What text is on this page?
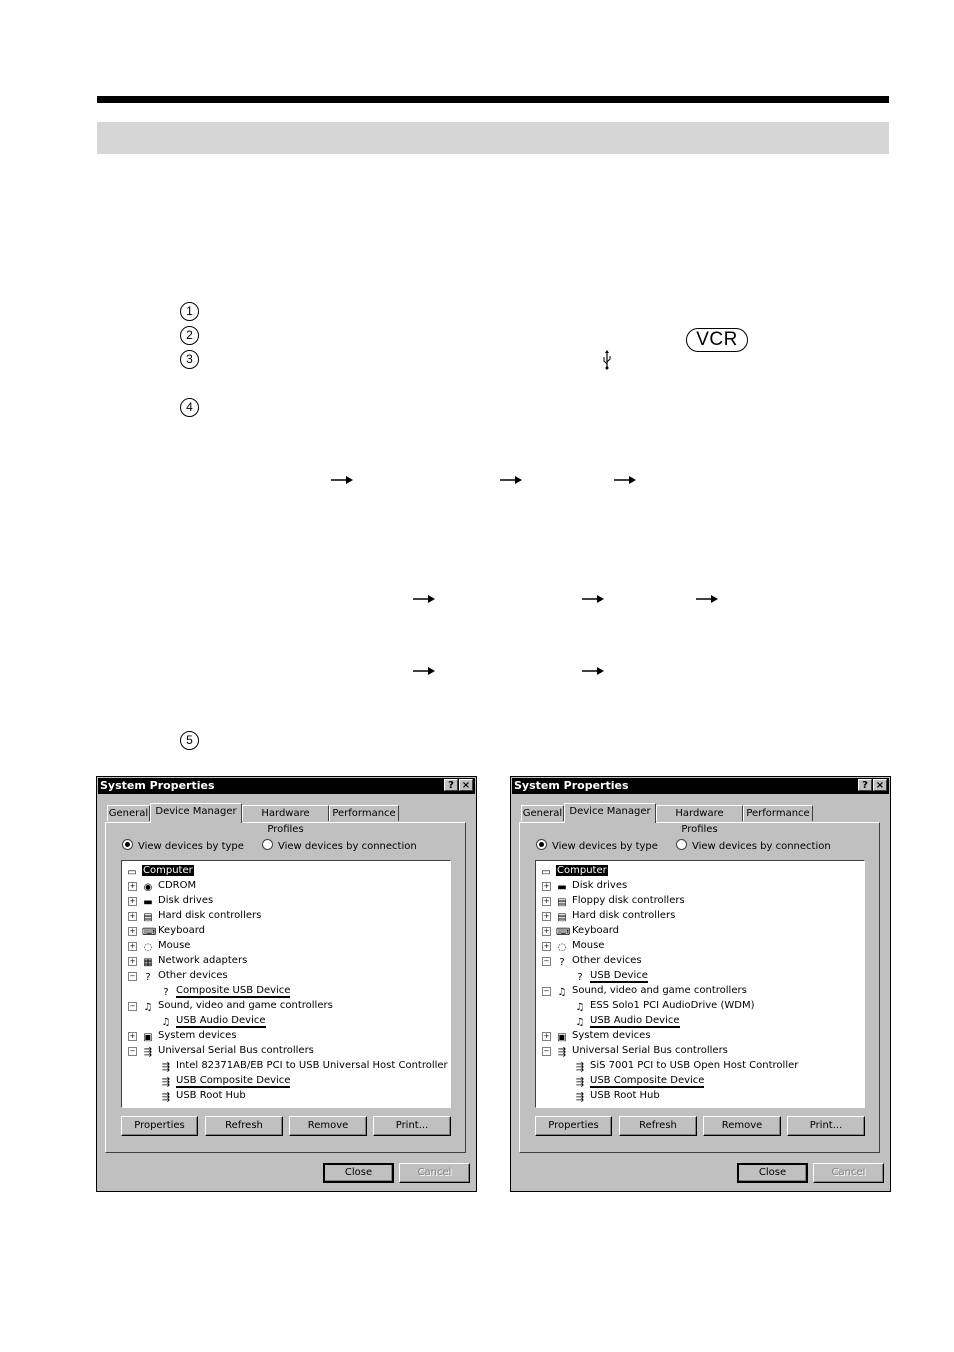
1
2
3
4
5
VCR
System Properties	? ×
General Device Manager	Hardware Profiles
Performance
View devices by type	View devices by connection
▭ Computer
+ ◉ CDROM
+ ▬ Disk drives
+ ▤ Hard disk controllers
+ ⌨ Keyboard
+ ◌ Mouse
+ ▦ Network adapters
− ? Other devices
? Composite USB Device
− ♫ Sound, video and game controllers
♫ USB Audio Device
+ ▣ System devices
− ⇶ Universal Serial Bus controllers
⇶ Intel 82371AB/EB PCI to USB Universal Host Controller
⇶ USB Composite Device
⇶ USB Root Hub
Properties	Refresh	Remove	Print...
Close	Cancel
System Properties	? ×
General Device Manager	Hardware Profiles
Performance
View devices by type	View devices by connection
▭ Computer
+ ▬ Disk drives
+ ▤ Floppy disk controllers
+ ▤ Hard disk controllers
+ ⌨ Keyboard
+ ◌ Mouse
− ? Other devices
? USB Device
− ♫ Sound, video and game controllers
♫ ESS Solo1 PCI AudioDrive (WDM)
♫ USB Audio Device
+ ▣ System devices
− ⇶ Universal Serial Bus controllers
⇶ SiS 7001 PCI to USB Open Host Controller
⇶ USB Composite Device
⇶ USB Root Hub
Properties	Refresh	Remove	Print...
Close	Cancel
